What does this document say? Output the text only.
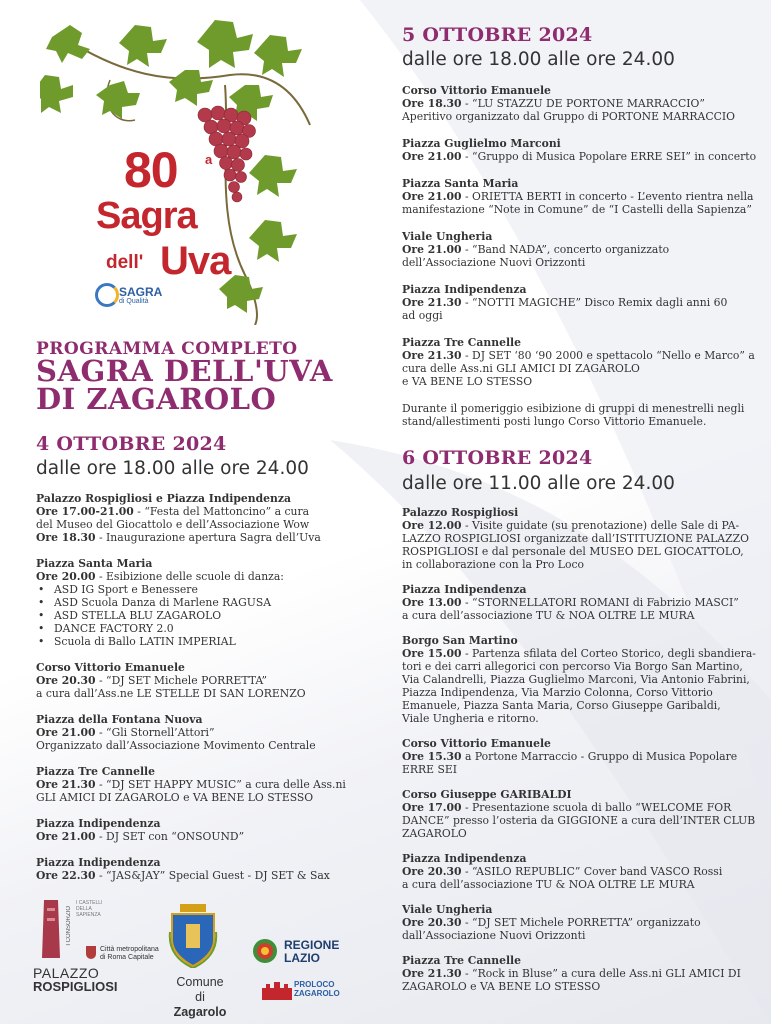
80 a
Sagra
dell' Uva
SAGRA
di Qualità
PROGRAMMA COMPLETO
SAGRA DELL'UVA
DI ZAGAROLO
4 OTTOBRE 2024
dalle ore 18.00 alle ore 24.00
Palazzo Rospigliosi e Piazza Indipendenza
Ore 17.00-21.00 - “Festa del Mattoncino” a cura
del Museo del Giocattolo e dell’Associazione Wow
Ore 18.30 - Inaugurazione apertura Sagra dell’Uva
Piazza Santa Maria
Ore 20.00 - Esibizione delle scuole di danza:
• ASD IG Sport e Benessere
• ASD Scuola Danza di Marlene RAGUSA
• ASD STELLA BLU ZAGAROLO
• DANCE FACTORY 2.0
• Scuola di Ballo LATIN IMPERIAL
Corso Vittorio Emanuele
Ore 20.30 - “DJ SET Michele PORRETTA”
a cura dall’Ass.ne LE STELLE DI SAN LORENZO
Piazza della Fontana Nuova
Ore 21.00 - “Gli Stornell’Attori”
Organizzato dall’Associazione Movimento Centrale
Piazza Tre Cannelle
Ore 21.30 - “DJ SET HAPPY MUSIC” a cura delle Ass.ni
GLI AMICI DI ZAGAROLO e VA BENE LO STESSO
Piazza Indipendenza
Ore 21.00 - DJ SET con “ONSOUND”
Piazza Indipendenza
Ore 22.30 - “JAS&JAY” Special Guest - DJ SET & Sax
5 OTTOBRE 2024
dalle ore 18.00 alle ore 24.00
Corso Vittorio Emanuele
Ore 18.30 - “LU STAZZU DE PORTONE MARRACCIO”
Aperitivo organizzato dal Gruppo di PORTONE MARRACCIO
Piazza Guglielmo Marconi
Ore 21.00 - “Gruppo di Musica Popolare ERRE SEI” in concerto
Piazza Santa Maria
Ore 21.00 - ORIETTA BERTI in concerto - L’evento rientra nella
manifestazione “Note in Comune” de “I Castelli della Sapienza”
Viale Ungheria
Ore 21.00 - “Band NADA”, concerto organizzato
dell’Associazione Nuovi Orizzonti
Piazza Indipendenza
Ore 21.30 - “NOTTI MAGICHE” Disco Remix dagli anni 60
ad oggi
Piazza Tre Cannelle
Ore 21.30 - DJ SET ‘80 ‘90 2000 e spettacolo “Nello e Marco” a
cura delle Ass.ni GLI AMICI DI ZAGAROLO
e VA BENE LO STESSO
Durante il pomeriggio esibizione di gruppi di menestrelli negli
stand/allestimenti posti lungo Corso Vittorio Emanuele.
6 OTTOBRE 2024
dalle ore 11.00 alle ore 24.00
Palazzo Rospigliosi
Ore 12.00 - Visite guidate (su prenotazione) delle Sale di PA-
LAZZO ROSPIGLIOSI organizzate dall’ISTITUZIONE PALAZZO
ROSPIGLIOSI e dal personale del MUSEO DEL GIOCATTOLO,
in collaborazione con la Pro Loco
Piazza Indipendenza
Ore 13.00 - “STORNELLATORI ROMANI di Fabrizio MASCI”
a cura dell’associazione TU & NOA OLTRE LE MURA
Borgo San Martino
Ore 15.00 - Partenza sfilata del Corteo Storico, degli sbandiera-
tori e dei carri allegorici con percorso Via Borgo San Martino,
Via Calandrelli, Piazza Guglielmo Marconi, Via Antonio Fabrini,
Piazza Indipendenza, Via Marzio Colonna, Corso Vittorio
Emanuele, Piazza Santa Maria, Corso Giuseppe Garibaldi,
Viale Ungheria e ritorno.
Corso Vittorio Emanuele
Ore 15.30 a Portone Marraccio - Gruppo di Musica Popolare
ERRE SEI
Corso Giuseppe GARIBALDI
Ore 17.00 - Presentazione scuola di ballo “WELCOME FOR
DANCE” presso l’osteria da GIGGIONE a cura dell’INTER CLUB
ZAGAROLO
Piazza Indipendenza
Ore 20.30 - “ASILO REPUBLIC” Cover band VASCO Rossi
a cura dell’associazione TU & NOA OLTRE LE MURA
Viale Ungheria
Ore 20.30 - “DJ SET Michele PORRETTA” organizzato
dall’Associazione Nuovi Orizzonti
Piazza Tre Cannelle
Ore 21.30 - “Rock in Bluse” a cura delle Ass.ni GLI AMICI DI
ZAGAROLO e VA BENE LO STESSO
I CONSORZIO
I CASTELLI DELLA SAPIENZA
Città metropolitana
di Roma Capitale
PALAZZO
ROSPIGLIOSI	Comune
di Zagarolo
REGIONE
LAZIO
PROLOCO
ZAGAROLO
